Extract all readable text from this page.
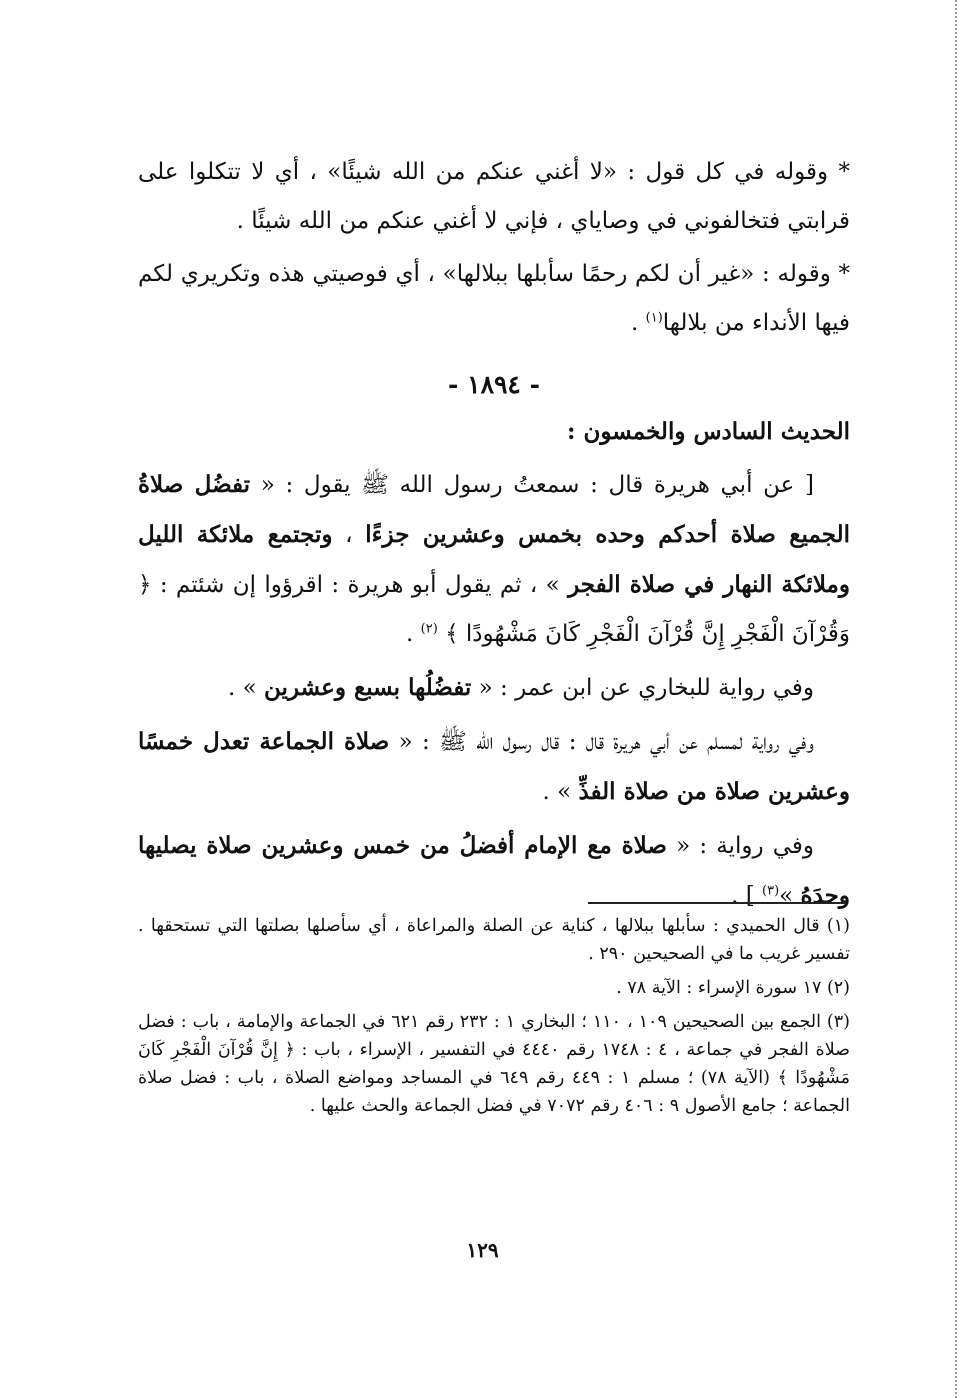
* وقوله في كل قول : «لا أغني عنكم من الله شيئًا» ، أي لا تتكلوا على قرابتي فتخالفوني في وصاياي ، فإني لا أغني عنكم من الله شيئًا .

* وقوله : «غير أن لكم رحمًا سأبلها ببلالها» ، أي فوصيتي هذه وتكريري لكم فيها الأنداء من بلالها$^{(١)}$ .

- ١٨٩٤ -

الحديث السادس والخمسون :

[ عن أبي هريرة قال : سمعتُ رسول الله ﷺ يقول : « تفضُل صلاةُ الجميع صلاة أحدكم وحده بخمس وعشرين جزءًا ، وتجتمع ملائكة الليل وملائكة النهار في صلاة الفجر » ، ثم يقول أبو هريرة : اقرؤوا إن شئتم : ﴿ وَقُرْآنَ الْفَجْرِ إِنَّ قُرْآنَ الْفَجْرِ كَانَ مَشْهُودًا ﴾ $^{(٢)}$ .

وفي رواية للبخاري عن ابن عمر : « تفضُلُها بسبع وعشرين » .

وفي رواية لمسلم عن أبي هريرة قال : قال رسول الله ﷺ : « صلاة الجماعة تعدل خمسًا وعشرين صلاة من صلاة الفذِّ » .

وفي رواية : « صلاة مع الإمام أفضلُ من خمس وعشرين صلاة يصليها وحدَهُ »$^{(٣)}$ ] .

(١) قال الحميدي : سأبلها ببلالها ، كناية عن الصلة والمراعاة ، أي سأصلها بصلتها التي تستحقها . تفسير غريب ما في الصحيحين ٢٩٠ .

(٢) ١٧ سورة الإسراء : الآية ٧٨ .

(٣) الجمع بين الصحيحين ١٠٩ ، ١١٠ ؛ البخاري ١ : ٢٣٢ رقم ٦٢١ في الجماعة والإمامة ، باب : فضل صلاة الفجر في جماعة ، ٤ : ١٧٤٨ رقم ٤٤٤٠ في التفسير ، الإسراء ، باب : ﴿ إِنَّ قُرْآنَ الْفَجْرِ كَانَ مَشْهُودًا ﴾ (الآية ٧٨) ؛ مسلم ١ : ٤٤٩ رقم ٦٤٩ في المساجد ومواضع الصلاة ، باب : فضل صلاة الجماعة ؛ جامع الأصول ٩ : ٤٠٦ رقم ٧٠٧٢ في فضل الجماعة والحث عليها .

١٢٩
